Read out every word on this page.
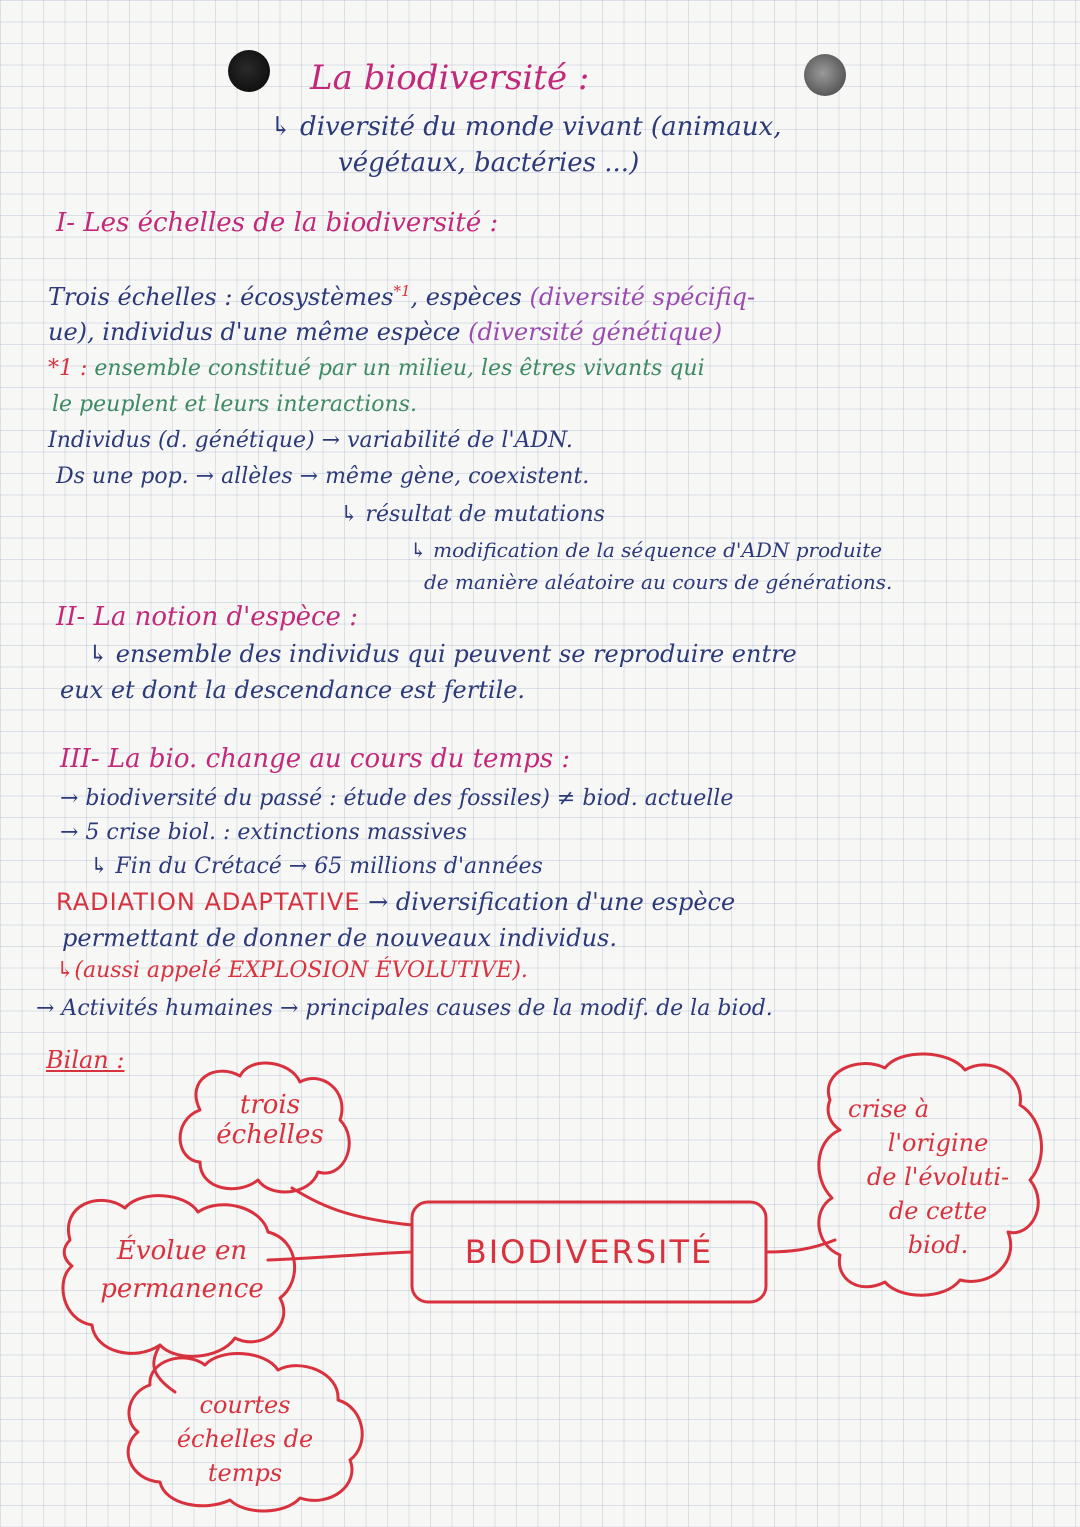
La biodiversité :
↳ diversité du monde vivant (animaux,
végétaux, bactéries ...)
I- Les échelles de la biodiversité :
Trois échelles : écosystèmes$^{*1}$, espèces (diversité spécifiq-
ue), individus d'une même espèce (diversité génétique)
*1 : ensemble constitué par un milieu, les êtres vivants qui
le peuplent et leurs interactions.
Individus (d. génétique) → variabilité de l'ADN.
Ds une pop. → allèles → même gène, coexistent.
↳ résultat de mutations
↳ modification de la séquence d'ADN produite
de manière aléatoire au cours de générations.
II- La notion d'espèce :
↳ ensemble des individus qui peuvent se reproduire entre
eux et dont la descendance est fertile.
III- La bio. change au cours du temps :
→ biodiversité du passé : étude des fossiles) ≠ biod. actuelle
→ 5 crise biol. : extinctions massives
↳ Fin du Crétacé → 65 millions d'années
RADIATION ADAPTATIVE → diversification d'une espèce
permettant de donner de nouveaux individus.
↳(aussi appelé EXPLOSION ÉVOLUTIVE).
→ Activités humaines → principales causes de la modif. de la biod.
Bilan :
BIODIVERSITÉ
trois
échelles
Évolue en
permanence
courtes
échelles de
temps
crise à
l'origine
de l'évoluti-
de cette
biod.
